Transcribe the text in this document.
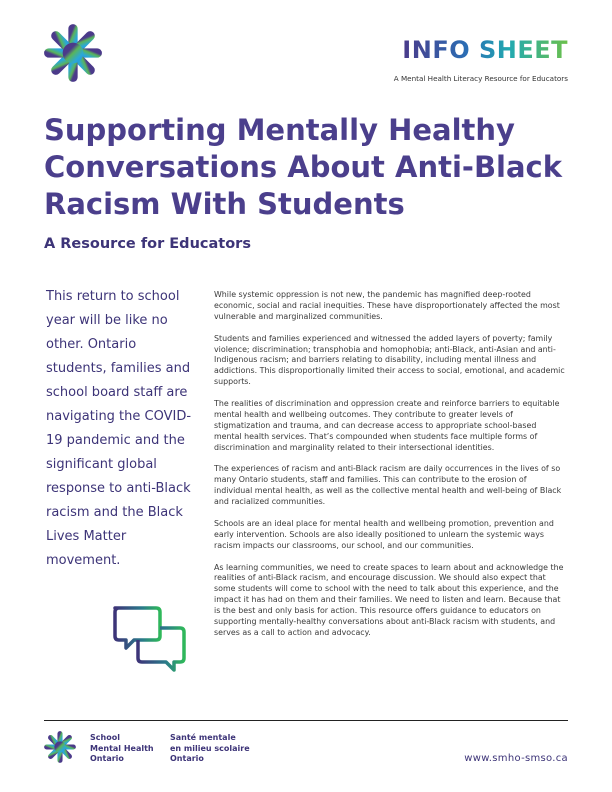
INFO SHEET
A Mental Health Literacy Resource for Educators
Supporting Mentally Healthy Conversations About Anti-Black Racism With Students
A Resource for Educators
This return to school year will be like no other. Ontario students, families and school board staff are navigating the COVID-19 pandemic and the significant global response to anti-Black racism and the Black Lives Matter movement.

While systemic oppression is not new, the pandemic has magnified deep-rooted economic, social and racial inequities. These have disproportionately affected the most vulnerable and marginalized communities.

Students and families experienced and witnessed the added layers of poverty; family violence; discrimination; transphobia and homophobia; anti-Black, anti-Asian and anti-Indigenous racism; and barriers relating to disability, including mental illness and addictions. This disproportionally limited their access to social, emotional, and academic supports.

The realities of discrimination and oppression create and reinforce barriers to equitable mental health and wellbeing outcomes. They contribute to greater levels of stigmatization and trauma, and can decrease access to appropriate school-based mental health services. That’s compounded when students face multiple forms of discrimination and marginality related to their intersectional identities.

The experiences of racism and anti-Black racism are daily occurrences in the lives of so many Ontario students, staff and families. This can contribute to the erosion of individual mental health, as well as the collective mental health and well-being of Black and racialized communities.

Schools are an ideal place for mental health and wellbeing promotion, prevention and early intervention. Schools are also ideally positioned to unlearn the systemic ways racism impacts our classrooms, our school, and our communities.

As learning communities, we need to create spaces to learn about and acknowledge the realities of anti-Black racism, and encourage discussion. We should also expect that some students will come to school with the need to talk about this experience, and the impact it has had on them and their families. We need to listen and learn. Because that is the best and only basis for action. This resource offers guidance to educators on supporting mentally-healthy conversations about anti-Black racism with students, and serves as a call to action and advocacy.

School
Mental Health
Ontario
Santé mentale
en milieu scolaire
Ontario	www.smho-smso.ca
